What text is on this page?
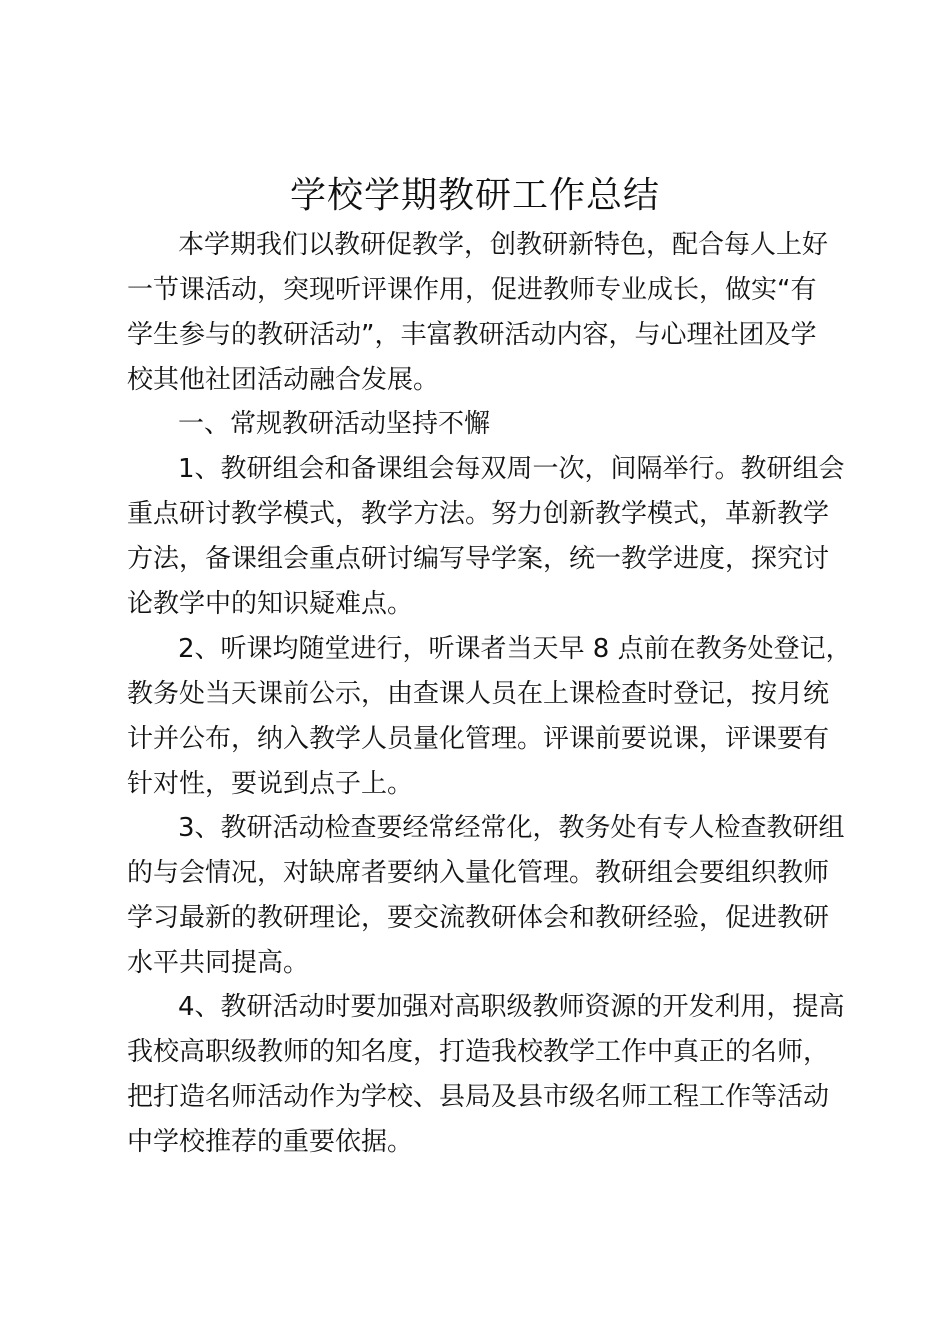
学校学期教研工作总结

本学期我们以教研促教学，创教研新特色，配合每人上好

一节课活动，突现听评课作用，促进教师专业成长，做实“有

学生参与的教研活动”，丰富教研活动内容，与心理社团及学

校其他社团活动融合发展。

一、常规教研活动坚持不懈

1、教研组会和备课组会每双周一次，间隔举行。教研组会

重点研讨教学模式，教学方法。努力创新教学模式，革新教学

方法，备课组会重点研讨编写导学案，统一教学进度，探究讨

论教学中的知识疑难点。

2、听课均随堂进行，听课者当天早 8 点前在教务处登记，

教务处当天课前公示，由查课人员在上课检查时登记，按月统

计并公布，纳入教学人员量化管理。评课前要说课，评课要有

针对性，要说到点子上。

3、教研活动检查要经常经常化，教务处有专人检查教研组

的与会情况，对缺席者要纳入量化管理。教研组会要组织教师

学习最新的教研理论，要交流教研体会和教研经验，促进教研

水平共同提高。

4、教研活动时要加强对高职级教师资源的开发利用，提高

我校高职级教师的知名度，打造我校教学工作中真正的名师，

把打造名师活动作为学校、县局及县市级名师工程工作等活动

中学校推荐的重要依据。
